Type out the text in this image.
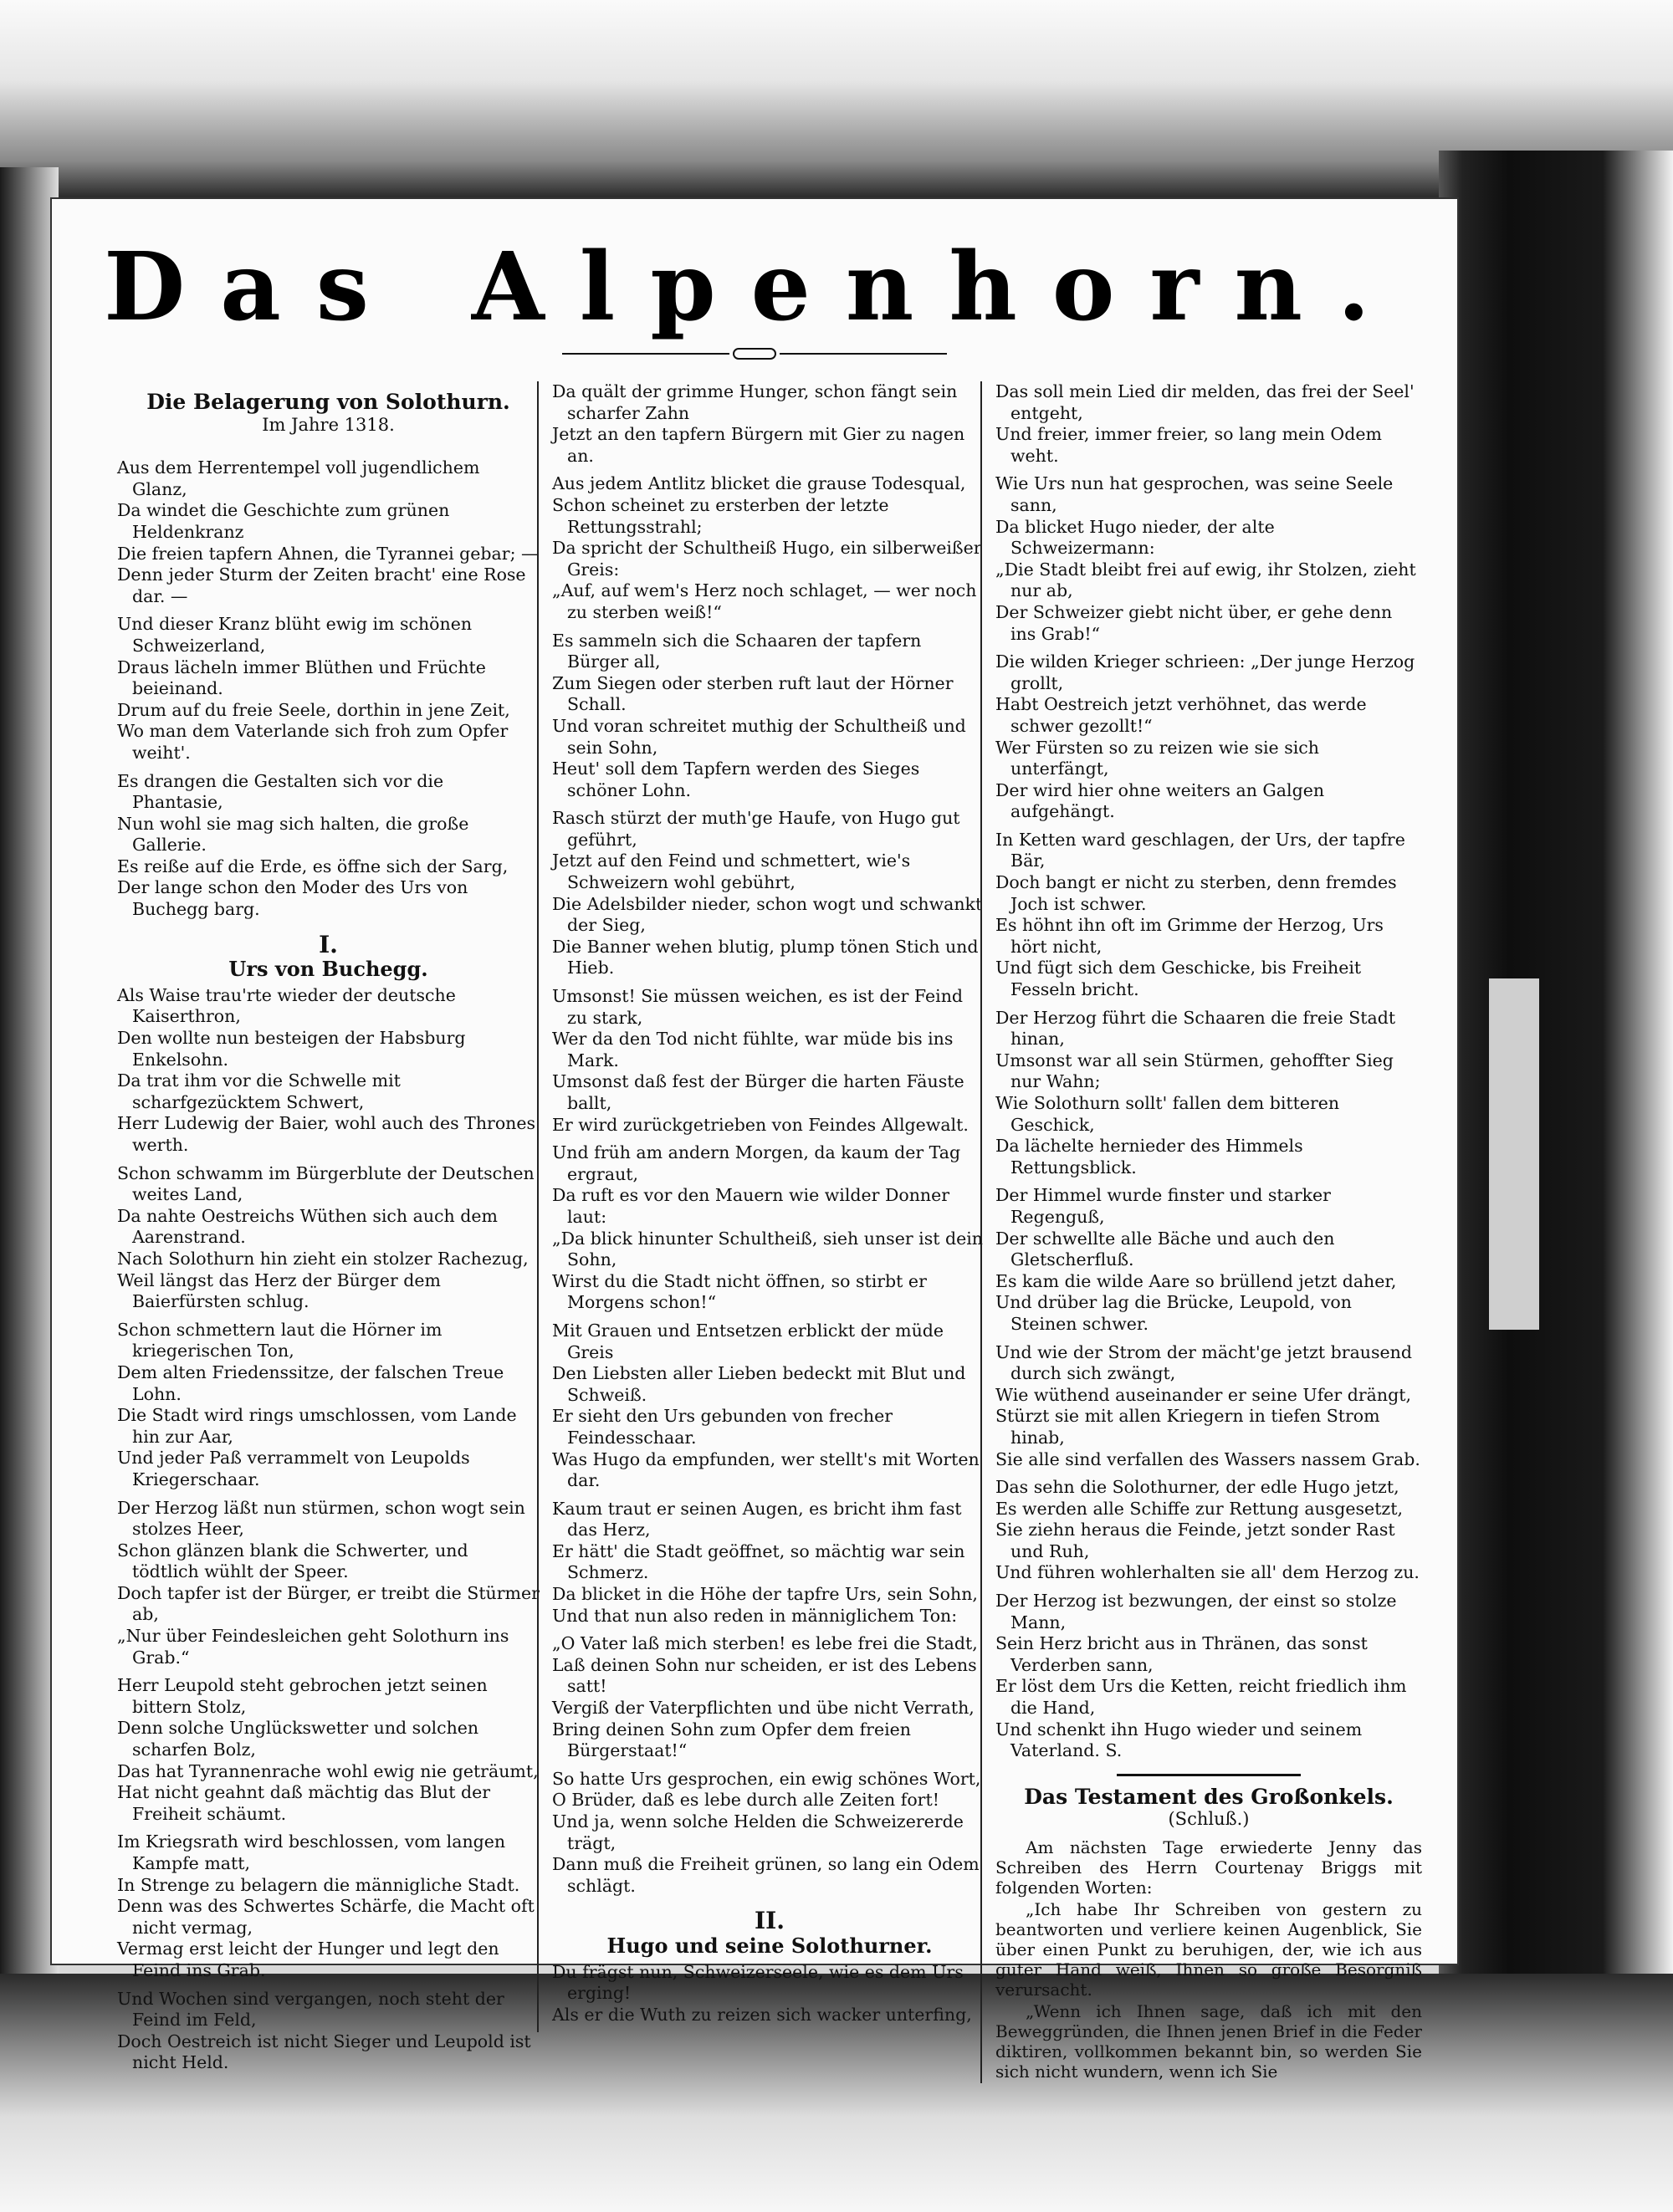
Das Alpenhorn.
Die Belagerung von Solothurn.
Im Jahre 1318.
Aus dem Herrentempel voll jugendlichem Glanz,
Da windet die Geschichte zum grünen Heldenkranz
Die freien tapfern Ahnen, die Tyrannei gebar; —
Denn jeder Sturm der Zeiten bracht' eine Rose dar. —
Und dieser Kranz blüht ewig im schönen Schweizerland,
Draus lächeln immer Blüthen und Früchte beieinand.
Drum auf du freie Seele, dorthin in jene Zeit,
Wo man dem Vaterlande sich froh zum Opfer weiht'.
Es drangen die Gestalten sich vor die Phantasie,
Nun wohl sie mag sich halten, die große Gallerie.
Es reiße auf die Erde, es öffne sich der Sarg,
Der lange schon den Moder des Urs von Buchegg barg.
I.
Urs von Buchegg.
Als Waise trau'rte wieder der deutsche Kaiserthron,
Den wollte nun besteigen der Habsburg Enkelsohn.
Da trat ihm vor die Schwelle mit scharfgezücktem Schwert,
Herr Ludewig der Baier, wohl auch des Thrones werth.
Schon schwamm im Bürgerblute der Deutschen weites Land,
Da nahte Oestreichs Wüthen sich auch dem Aarenstrand.
Nach Solothurn hin zieht ein stolzer Rachezug,
Weil längst das Herz der Bürger dem Baierfürsten schlug.
Schon schmettern laut die Hörner im kriegerischen Ton,
Dem alten Friedenssitze, der falschen Treue Lohn.
Die Stadt wird rings umschlossen, vom Lande hin zur Aar,
Und jeder Paß verrammelt von Leupolds Kriegerschaar.
Der Herzog läßt nun stürmen, schon wogt sein stolzes Heer,
Schon glänzen blank die Schwerter, und tödtlich wühlt der Speer.
Doch tapfer ist der Bürger, er treibt die Stürmer ab,
„Nur über Feindesleichen geht Solothurn ins Grab.“
Herr Leupold steht gebrochen jetzt seinen bittern Stolz,
Denn solche Unglückswetter und solchen scharfen Bolz,
Das hat Tyrannenrache wohl ewig nie geträumt,
Hat nicht geahnt daß mächtig das Blut der Freiheit schäumt.
Im Kriegsrath wird beschlossen, vom langen Kampfe matt,
In Strenge zu belagern die männigliche Stadt.
Denn was des Schwertes Schärfe, die Macht oft nicht vermag,
Vermag erst leicht der Hunger und legt den Feind ins Grab.
Und Wochen sind vergangen, noch steht der Feind im Feld,
Doch Oestreich ist nicht Sieger und Leupold ist nicht Held.
Da quält der grimme Hunger, schon fängt sein scharfer Zahn
Jetzt an den tapfern Bürgern mit Gier zu nagen an.
Aus jedem Antlitz blicket die grause Todesqual,
Schon scheinet zu ersterben der letzte Rettungsstrahl;
Da spricht der Schultheiß Hugo, ein silberweißer Greis:
„Auf, auf wem's Herz noch schlaget, — wer noch zu sterben weiß!“
Es sammeln sich die Schaaren der tapfern Bürger all,
Zum Siegen oder sterben ruft laut der Hörner Schall.
Und voran schreitet muthig der Schultheiß und sein Sohn,
Heut' soll dem Tapfern werden des Sieges schöner Lohn.
Rasch stürzt der muth'ge Haufe, von Hugo gut geführt,
Jetzt auf den Feind und schmettert, wie's Schweizern wohl gebührt,
Die Adelsbilder nieder, schon wogt und schwankt der Sieg,
Die Banner wehen blutig, plump tönen Stich und Hieb.
Umsonst! Sie müssen weichen, es ist der Feind zu stark,
Wer da den Tod nicht fühlte, war müde bis ins Mark.
Umsonst daß fest der Bürger die harten Fäuste ballt,
Er wird zurückgetrieben von Feindes Allgewalt.
Und früh am andern Morgen, da kaum der Tag ergraut,
Da ruft es vor den Mauern wie wilder Donner laut:
„Da blick hinunter Schultheiß, sieh unser ist dein Sohn,
Wirst du die Stadt nicht öffnen, so stirbt er Morgens schon!“
Mit Grauen und Entsetzen erblickt der müde Greis
Den Liebsten aller Lieben bedeckt mit Blut und Schweiß.
Er sieht den Urs gebunden von frecher Feindesschaar.
Was Hugo da empfunden, wer stellt's mit Worten dar.
Kaum traut er seinen Augen, es bricht ihm fast das Herz,
Er hätt' die Stadt geöffnet, so mächtig war sein Schmerz.
Da blicket in die Höhe der tapfre Urs, sein Sohn,
Und that nun also reden in männiglichem Ton:
„O Vater laß mich sterben! es lebe frei die Stadt,
Laß deinen Sohn nur scheiden, er ist des Lebens satt!
Vergiß der Vaterpflichten und übe nicht Verrath,
Bring deinen Sohn zum Opfer dem freien Bürgerstaat!“
So hatte Urs gesprochen, ein ewig schönes Wort,
O Brüder, daß es lebe durch alle Zeiten fort!
Und ja, wenn solche Helden die Schweizererde trägt,
Dann muß die Freiheit grünen, so lang ein Odem schlägt.
II.
Hugo und seine Solothurner.
Du frägst nun, Schweizerseele, wie es dem Urs erging!
Als er die Wuth zu reizen sich wacker unterfing,
Das soll mein Lied dir melden, das frei der Seel' entgeht,
Und freier, immer freier, so lang mein Odem weht.
Wie Urs nun hat gesprochen, was seine Seele sann,
Da blicket Hugo nieder, der alte Schweizermann:
„Die Stadt bleibt frei auf ewig, ihr Stolzen, zieht nur ab,
Der Schweizer giebt nicht über, er gehe denn ins Grab!“
Die wilden Krieger schrieen: „Der junge Herzog grollt,
Habt Oestreich jetzt verhöhnet, das werde schwer gezollt!“
Wer Fürsten so zu reizen wie sie sich unterfängt,
Der wird hier ohne weiters an Galgen aufgehängt.
In Ketten ward geschlagen, der Urs, der tapfre Bär,
Doch bangt er nicht zu sterben, denn fremdes Joch ist schwer.
Es höhnt ihn oft im Grimme der Herzog, Urs hört nicht,
Und fügt sich dem Geschicke, bis Freiheit Fesseln bricht.
Der Herzog führt die Schaaren die freie Stadt hinan,
Umsonst war all sein Stürmen, gehoffter Sieg nur Wahn;
Wie Solothurn sollt' fallen dem bitteren Geschick,
Da lächelte hernieder des Himmels Rettungsblick.
Der Himmel wurde finster und starker Regenguß,
Der schwellte alle Bäche und auch den Gletscherfluß.
Es kam die wilde Aare so brüllend jetzt daher,
Und drüber lag die Brücke, Leupold, von Steinen schwer.
Und wie der Strom der mächt'ge jetzt brausend durch sich zwängt,
Wie wüthend auseinander er seine Ufer drängt,
Stürzt sie mit allen Kriegern in tiefen Strom hinab,
Sie alle sind verfallen des Wassers nassem Grab.
Das sehn die Solothurner, der edle Hugo jetzt,
Es werden alle Schiffe zur Rettung ausgesetzt,
Sie ziehn heraus die Feinde, jetzt sonder Rast und Ruh,
Und führen wohlerhalten sie all' dem Herzog zu.
Der Herzog ist bezwungen, der einst so stolze Mann,
Sein Herz bricht aus in Thränen, das sonst Verderben sann,
Er löst dem Urs die Ketten, reicht friedlich ihm die Hand,
Und schenkt ihn Hugo wieder und seinem Vaterland. S.
Das Testament des Großonkels.
(Schluß.)

Am nächsten Tage erwiederte Jenny das Schreiben des Herrn Courtenay Briggs mit folgenden Worten:

„Ich habe Ihr Schreiben von gestern zu beantworten und verliere keinen Augenblick, Sie über einen Punkt zu beruhigen, der, wie ich aus guter Hand weiß, Ihnen so große Besorgniß verursacht.

„Wenn ich Ihnen sage, daß ich mit den Beweggründen, die Ihnen jenen Brief in die Feder diktiren, vollkommen bekannt bin, so werden Sie sich nicht wundern, wenn ich Sie
